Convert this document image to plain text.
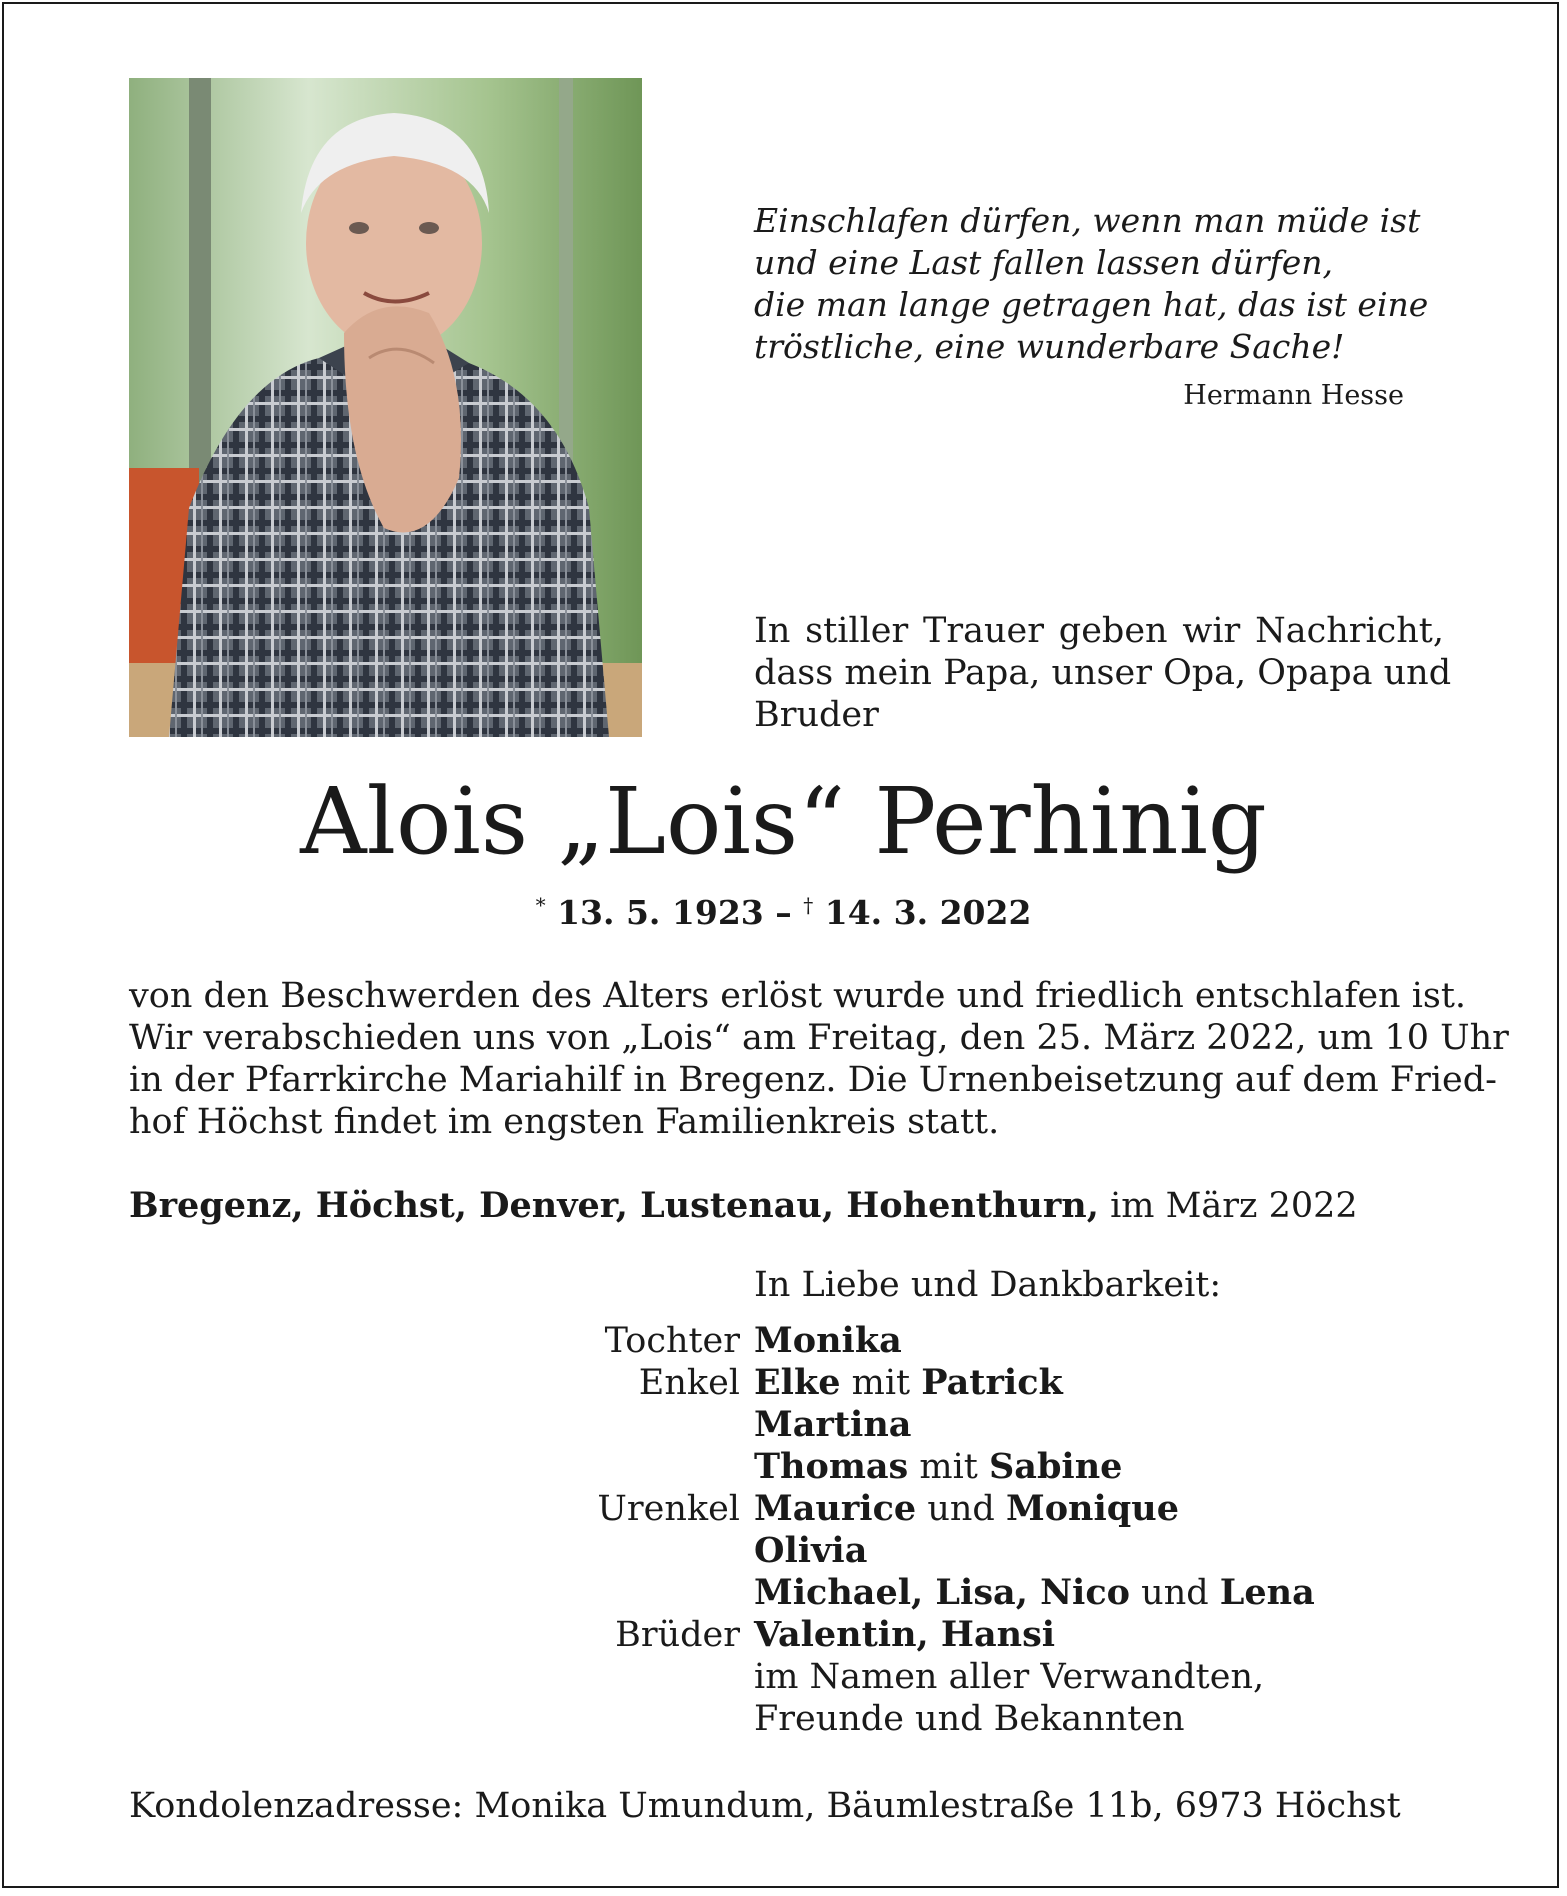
Einschlafen dürfen, wenn man müde ist
und eine Last fallen lassen dürfen,
die man lange getragen hat, das ist eine
tröstliche, eine wunderbare Sache!
Hermann Hesse
In stiller Trauer geben wir Nachricht,
dass mein Papa, unser Opa, Opapa und
Bruder
Alois „Lois“ Perhinig
* 13. 5. 1923 – † 14. 3. 2022
von den Beschwerden des Alters erlöst wurde und friedlich entschlafen ist.
Wir verabschieden uns von „Lois“ am Freitag, den 25. März 2022, um 10 Uhr
in der Pfarrkirche Mariahilf in Bregenz. Die Urnenbeisetzung auf dem Fried-
hof Höchst findet im engsten Familienkreis statt.
Bregenz, Höchst, Denver, Lustenau, Hohenthurn, im März 2022
In Liebe und Dankbarkeit:
Tochter Monika
Enkel Elke mit Patrick
Martina
Thomas mit Sabine
Urenkel Maurice und Monique
Olivia
Michael, Lisa, Nico und Lena
Brüder Valentin, Hansi
im Namen aller Verwandten,
Freunde und Bekannten
Kondolenzadresse: Monika Umundum, Bäumlestraße 11b, 6973 Höchst
